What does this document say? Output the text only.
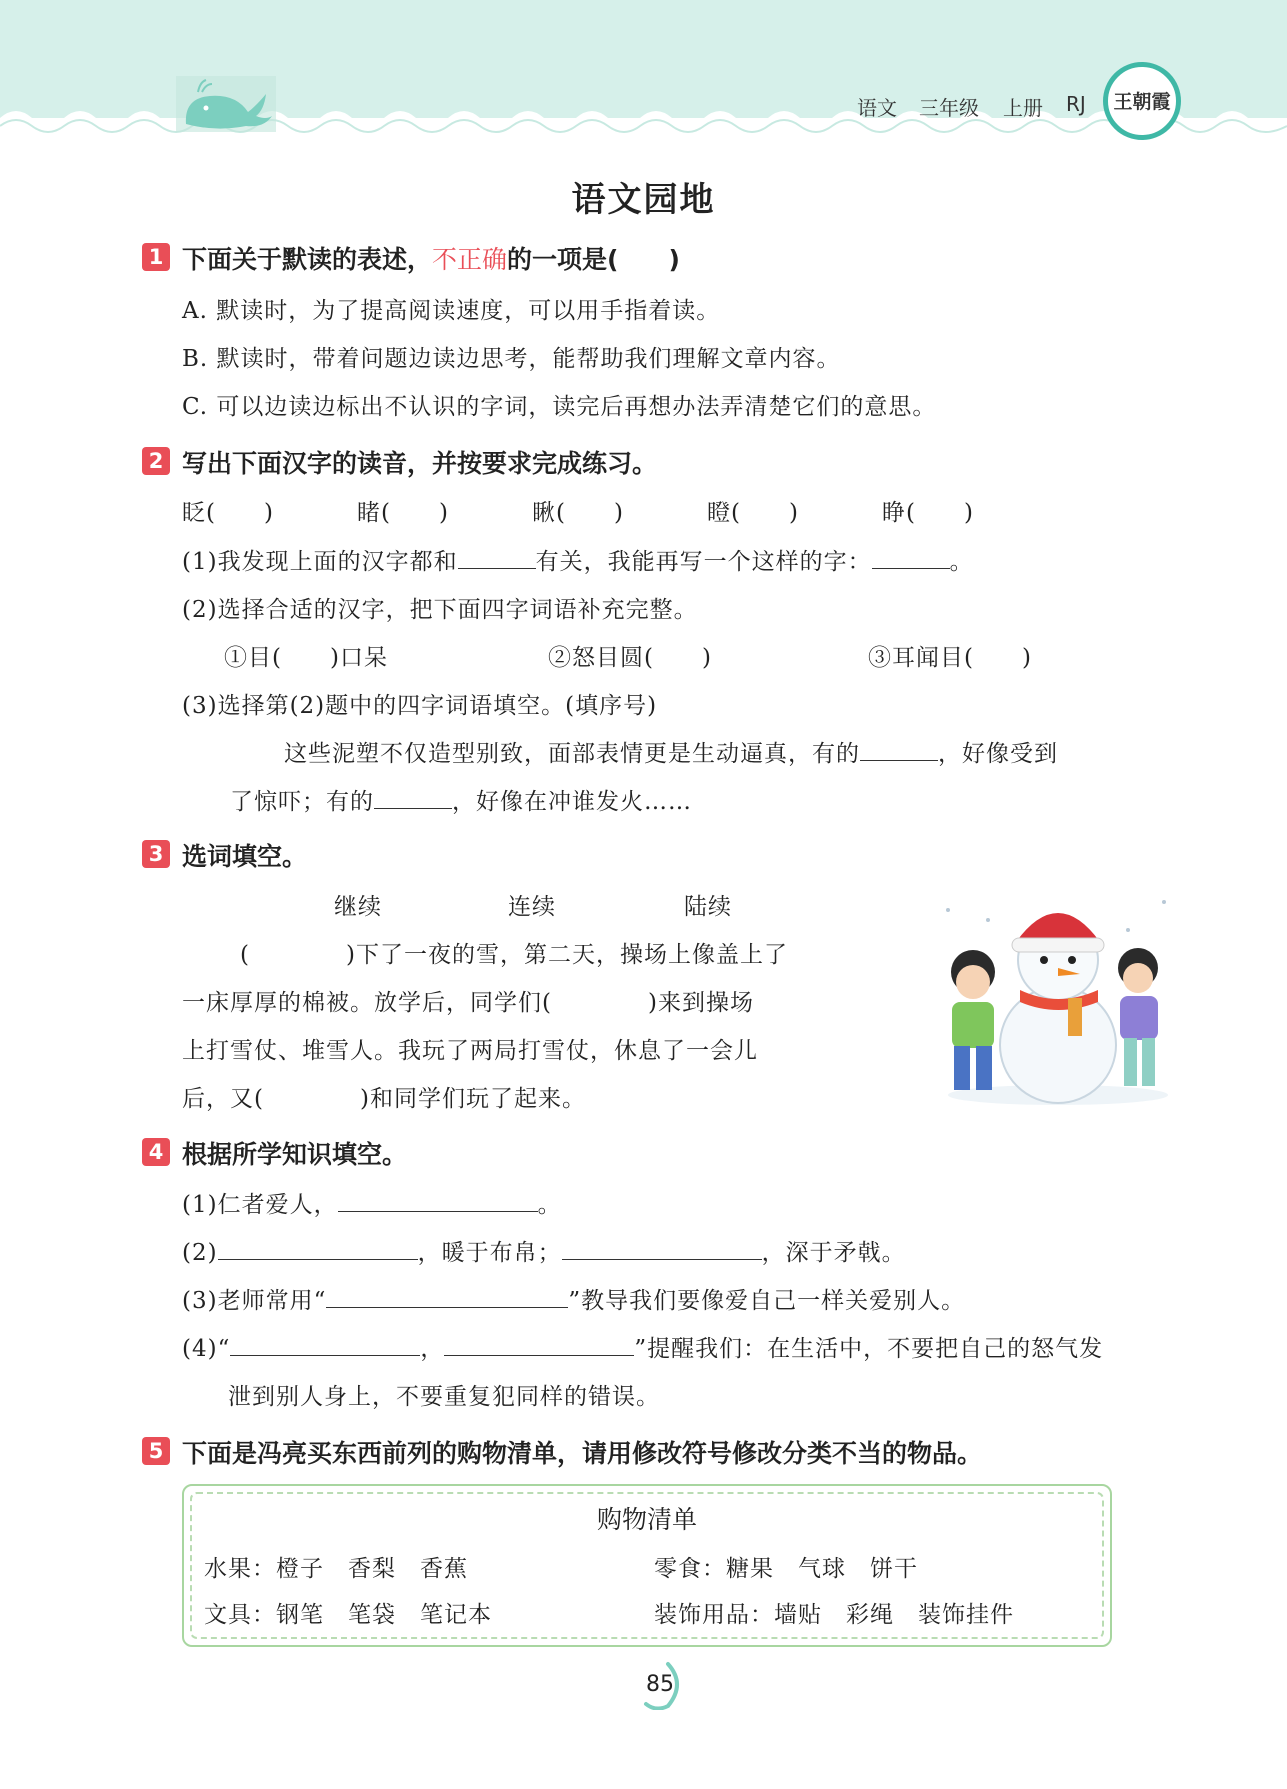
语文 三年级 上册 RJ 王朝霞
语文园地
1 下面关于默读的表述，不正确的一项是(　　)
A. 默读时，为了提高阅读速度，可以用手指着读。
B. 默读时，带着问题边读边思考，能帮助我们理解文章内容。
C. 可以边读边标出不认识的字词，读完后再想办法弄清楚它们的意思。
2 写出下面汉字的读音，并按要求完成练习。
眨(　　)	睹(　　)	瞅(　　)	瞪(　　)	睁(　　)
(1)我发现上面的汉字都和	有关，我能再写一个这样的字：	。
(2)选择合适的汉字，把下面四字词语补充完整。
①目(　　)口呆	②怒目圆(　　)	③耳闻目(　　)
(3)选择第(2)题中的四字词语填空。(填序号)
这些泥塑不仅造型别致，面部表情更是生动逼真，有的	，好像受到
了惊吓；有的	，好像在冲谁发火……
3 选词填空。
继续	连续	陆续
(　　　　)下了一夜的雪，第二天，操场上像盖上了
一床厚厚的棉被。放学后，同学们(　　　　)来到操场
上打雪仗、堆雪人。我玩了两局打雪仗，休息了一会儿
后，又(　　　　)和同学们玩了起来。
4 根据所学知识填空。
(1)仁者爱人，	。
(2)	，暖于布帛；	，深于矛戟。
(3)老师常用“	”教导我们要像爱自己一样关爱别人。
(4)“	，	”提醒我们：在生活中，不要把自己的怒气发
泄到别人身上，不要重复犯同样的错误。
5 下面是冯亮买东西前列的购物清单，请用修改符号修改分类不当的物品。
购物清单
水果：橙子　香梨　香蕉	零食：糖果　气球　饼干
文具：钢笔　笔袋　笔记本	装饰用品：墙贴　彩绳　装饰挂件
85
